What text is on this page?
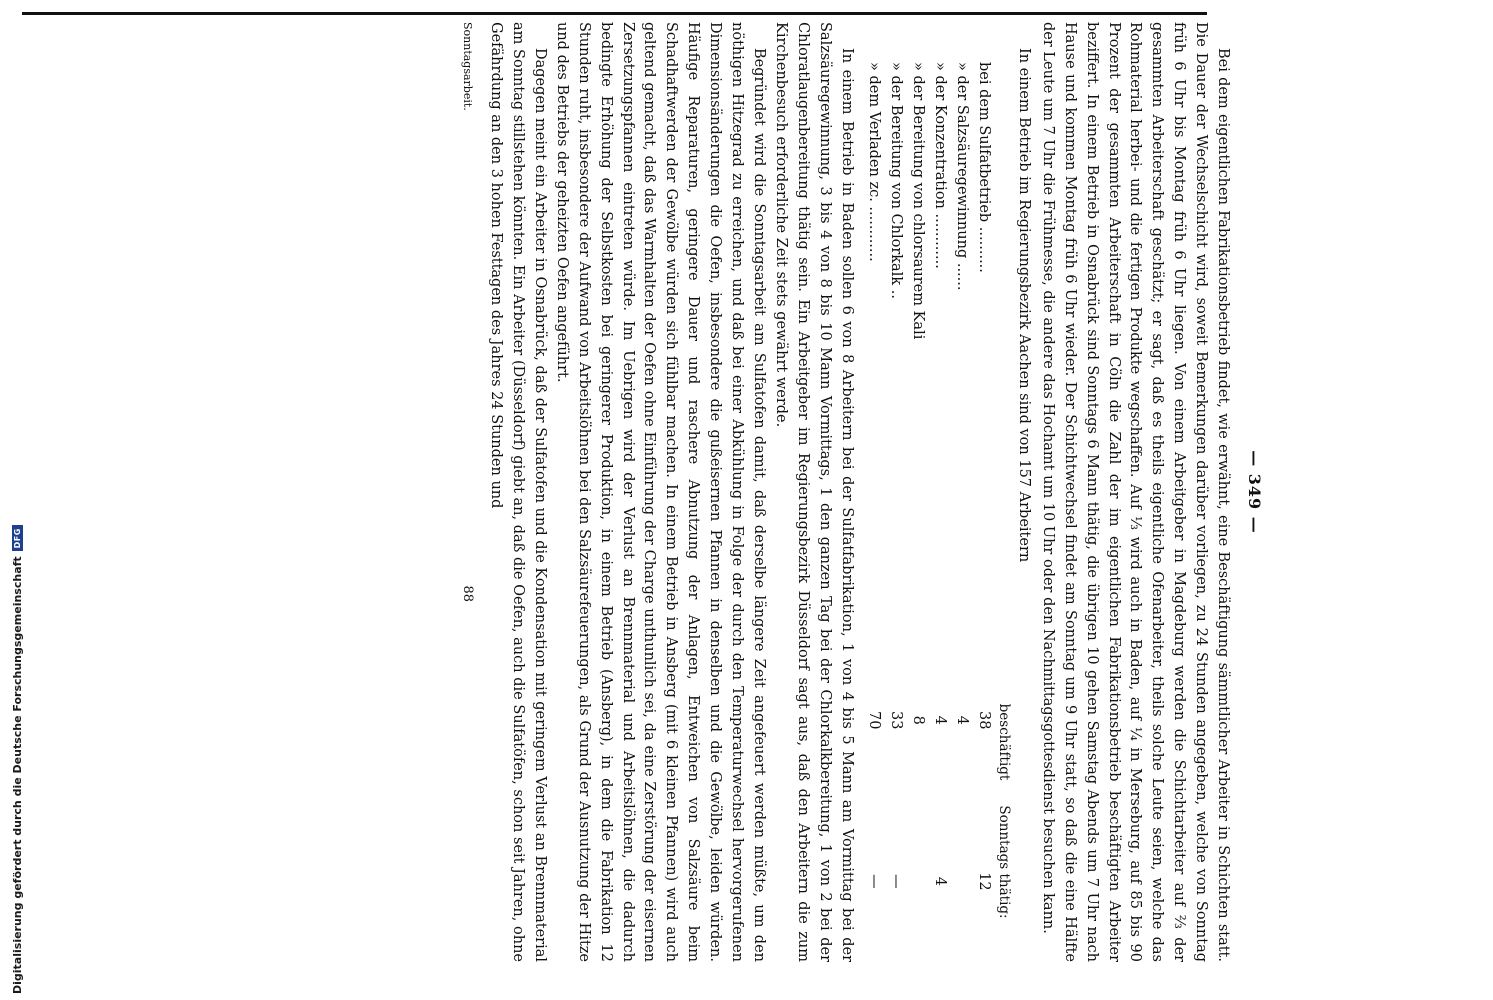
Digitalisierung gefördert durch die Deutsche Forschungsgemeinschaft
DFG
— 349 —

Bei dem eigentlichen Fabrikationsbetrieb findet, wie erwähnt, eine Beschäftigung sämmtlicher Arbeiter in Schichten statt. Die Dauer der Wechselschicht wird, soweit Bemerkungen darüber vorliegen, zu 24 Stunden angegeben, welche von Sonntag früh 6 Uhr bis Montag früh 6 Uhr liegen. Von einem Arbeitgeber in Magdeburg werden die Schichtarbeiter auf ⅔ der gesammten Arbeiterschaft geschätzt; er sagt, daß es theils eigentliche Ofenarbeiter, theils solche Leute seien, welche das Rohmaterial herbei- und die fertigen Produkte wegschaffen. Auf ⅓ wird auch in Baden, auf ¼ in Merseburg, auf 85 bis 90 Prozent der gesammten Arbeiterschaft in Cöln die Zahl der im eigentlichen Fabrikationsbetrieb beschäftigten Arbeiter beziffert. In einem Betrieb in Osnabrück sind Sonntags 6 Mann thätig, die übrigen 10 gehen Samstag Abends um 7 Uhr nach Hause und kommen Montag früh 6 Uhr wieder. Der Schichtwechsel findet am Sonntag um 9 Uhr statt, so daß die eine Hälfte der Leute um 7 Uhr die Frühmesse, die andere das Hochamt um 10 Uhr oder den Nachmittagsgottesdienst besuchen kann.

In einem Betrieb im Regierungsbezirk Aachen sind von 157 Arbeitern

beschäftigt
Sonntags thätig:
bei dem Sulfatbetrieb ..........	38	12
» der Salzsäuregewinnung ......	4	
» der Konzentration ............	4	4
» der Bereitung von chlorsaurem Kali	8	
» der Bereitung von Chlorkalk ..	33	—
» dem Verladen zc. ............	70	—

In einem Betrieb in Baden sollen 6 von 8 Arbeitern bei der Sulfatfabrikation, 1 von 4 bis 5 Mann am Vormittag bei der Salzsäuregewinnung, 3 bis 4 von 8 bis 10 Mann Vormittags, 1 den ganzen Tag bei der Chlorkalkbereitung, 1 von 2 bei der Chloratlaugenbereitung thätig sein. Ein Arbeitgeber im Regierungsbezirk Düsseldorf sagt aus, daß den Arbeitern die zum Kirchenbesuch erforderliche Zeit stets gewährt werde.

Begründet wird die Sonntagsarbeit am Sulfatofen damit, daß derselbe längere Zeit angefeuert werden müßte, um den nöthigen Hitzegrad zu erreichen, und daß bei einer Abkühlung in Folge der durch den Temperaturwechsel hervorgerufenen Dimensionsänderungen die Oefen, insbesondere die gußeisernen Pfannen in denselben und die Gewölbe, leiden würden. Häufige Reparaturen, geringere Dauer und raschere Abnutzung der Anlagen, Entweichen von Salzsäure beim Schadhaftwerden der Gewölbe würden sich fühlbar machen. In einem Betrieb in Ansberg (mit 6 kleinen Pfannen) wird auch geltend gemacht, daß das Warmhalten der Oefen ohne Einführung der Charge unthunlich sei, da eine Zerstörung der eisernen Zersetzungspfannen eintreten würde. Im Uebrigen wird der Verlust an Brennmaterial und Arbeitslöhnen, die dadurch bedingte Erhöhung der Selbstkosten bei geringerer Produktion, in einem Betrieb (Ansberg), in dem die Fabrikation 12 Stunden ruht, insbesondere der Aufwand von Arbeitslöhnen bei den Salzsäurefeuerungen, als Grund der Ausnutzung der Hitze und des Betriebs der geheizten Oefen angeführt.

Dagegen meint ein Arbeiter in Osnabrück, daß der Sulfatofen und die Kondensation mit geringem Verlust an Brennmaterial am Sonntag stillstehen könnten. Ein Arbeiter (Düsseldorf) giebt an, daß die Oefen, auch die Sulfatöfen, schon seit Jahren, ohne Gefährdung an den 3 hohen Festtagen des Jahres 24 Stunden und

Sonntagsarbeit.
88
